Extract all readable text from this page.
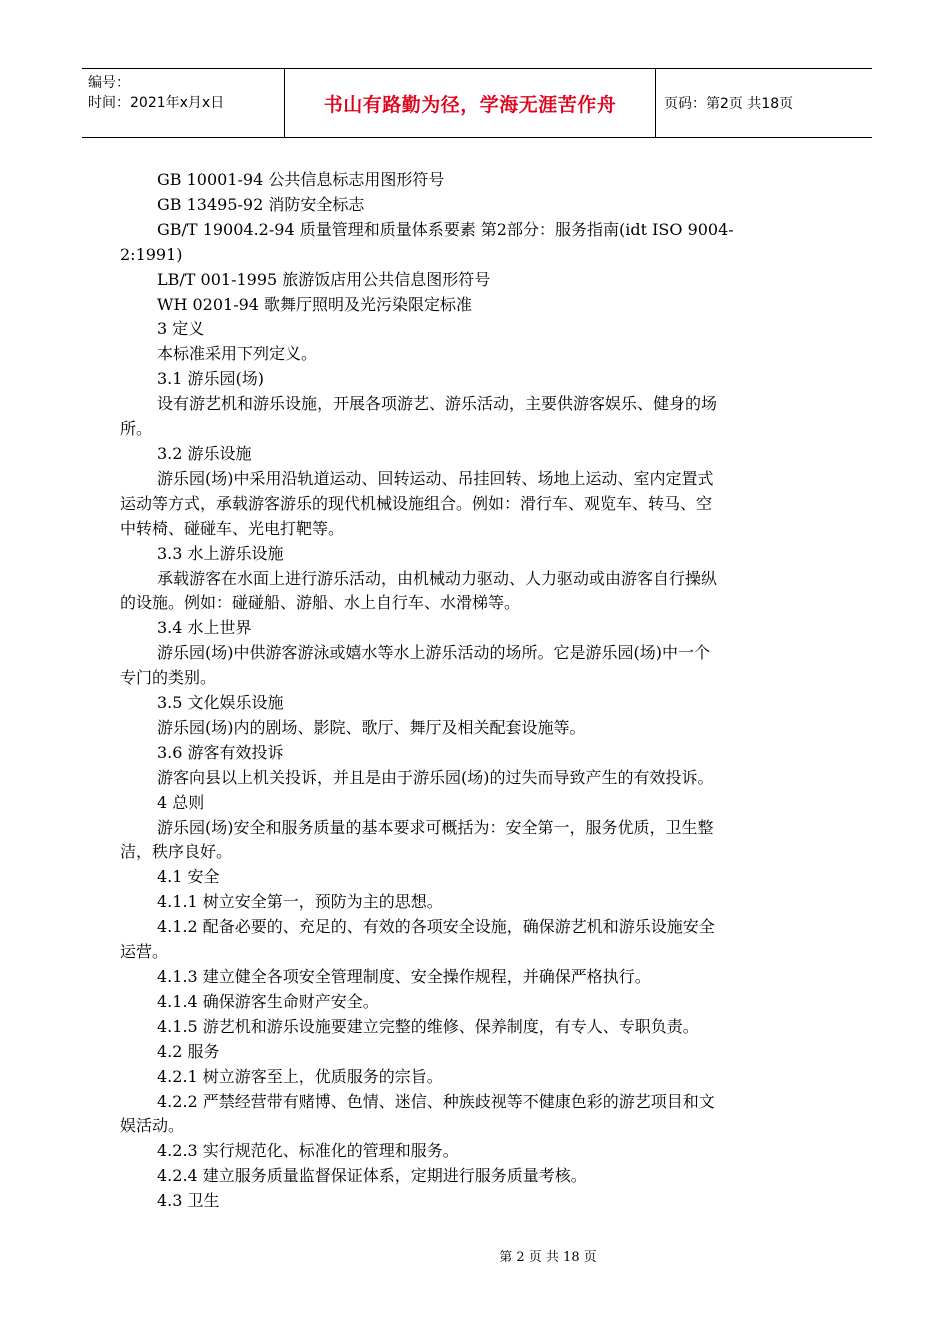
编号：
时间：2021年x月x日	书山有路勤为径，学海无涯苦作舟	页码：第2页 共18页
GB 10001-94 公共信息标志用图形符号
GB 13495-92 消防安全标志
GB/T 19004.2-94 质量管理和质量体系要素 第2部分：服务指南(idt ISO 9004-
2:1991)
LB/T 001-1995 旅游饭店用公共信息图形符号
WH 0201-94 歌舞厅照明及光污染限定标准
3 定义
本标准采用下列定义。
3.1 游乐园(场)
设有游艺机和游乐设施，开展各项游艺、游乐活动，主要供游客娱乐、健身的场
所。
3.2 游乐设施
游乐园(场)中采用沿轨道运动、回转运动、吊挂回转、场地上运动、室内定置式
运动等方式，承载游客游乐的现代机械设施组合。例如：滑行车、观览车、转马、空
中转椅、碰碰车、光电打靶等。
3.3 水上游乐设施
承载游客在水面上进行游乐活动，由机械动力驱动、人力驱动或由游客自行操纵
的设施。例如：碰碰船、游船、水上自行车、水滑梯等。
3.4 水上世界
游乐园(场)中供游客游泳或嬉水等水上游乐活动的场所。它是游乐园(场)中一个
专门的类别。
3.5 文化娱乐设施
游乐园(场)内的剧场、影院、歌厅、舞厅及相关配套设施等。
3.6 游客有效投诉
游客向县以上机关投诉，并且是由于游乐园(场)的过失而导致产生的有效投诉。
4 总则
游乐园(场)安全和服务质量的基本要求可概括为：安全第一，服务优质，卫生整
洁，秩序良好。
4.1 安全
4.1.1 树立安全第一，预防为主的思想。
4.1.2 配备必要的、充足的、有效的各项安全设施，确保游艺机和游乐设施安全
运营。
4.1.3 建立健全各项安全管理制度、安全操作规程，并确保严格执行。
4.1.4 确保游客生命财产安全。
4.1.5 游艺机和游乐设施要建立完整的维修、保养制度，有专人、专职负责。
4.2 服务
4.2.1 树立游客至上，优质服务的宗旨。
4.2.2 严禁经营带有赌博、色情、迷信、种族歧视等不健康色彩的游艺项目和文
娱活动。
4.2.3 实行规范化、标准化的管理和服务。
4.2.4 建立服务质量监督保证体系，定期进行服务质量考核。
4.3 卫生
第 2 页 共 18 页
